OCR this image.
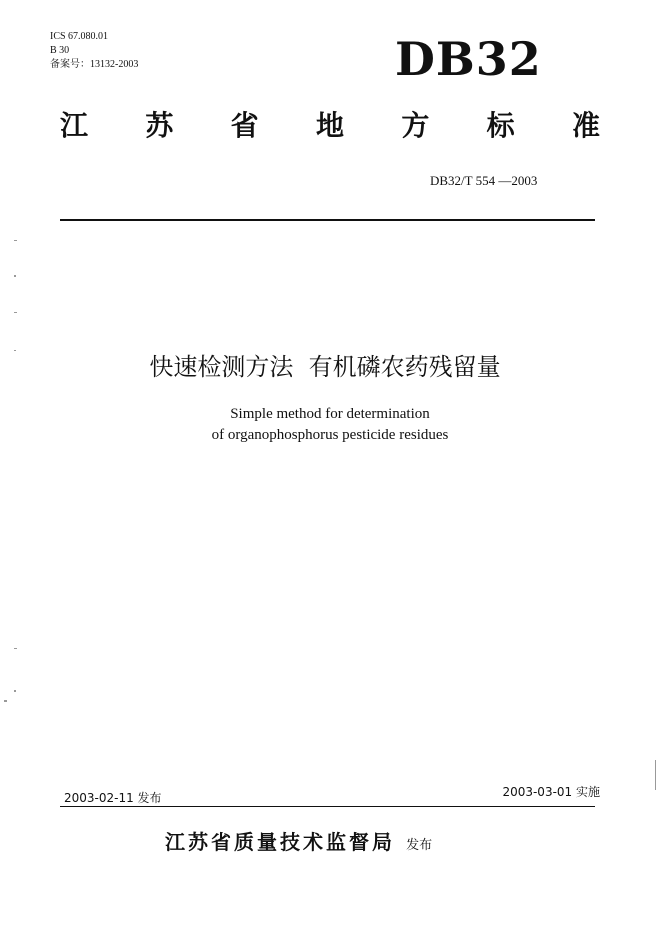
ICS 67.080.01
B 30
备案号：13132-2003	DB32
江 苏 省 地 方 标 准
DB32/T 554 —2003
快速检测方法  有机磷农药残留量
Simple method for determination
of organophosphorus pesticide residues
2003-02-11 发布	2003-03-01 实施
江苏省质量技术监督局 发布
